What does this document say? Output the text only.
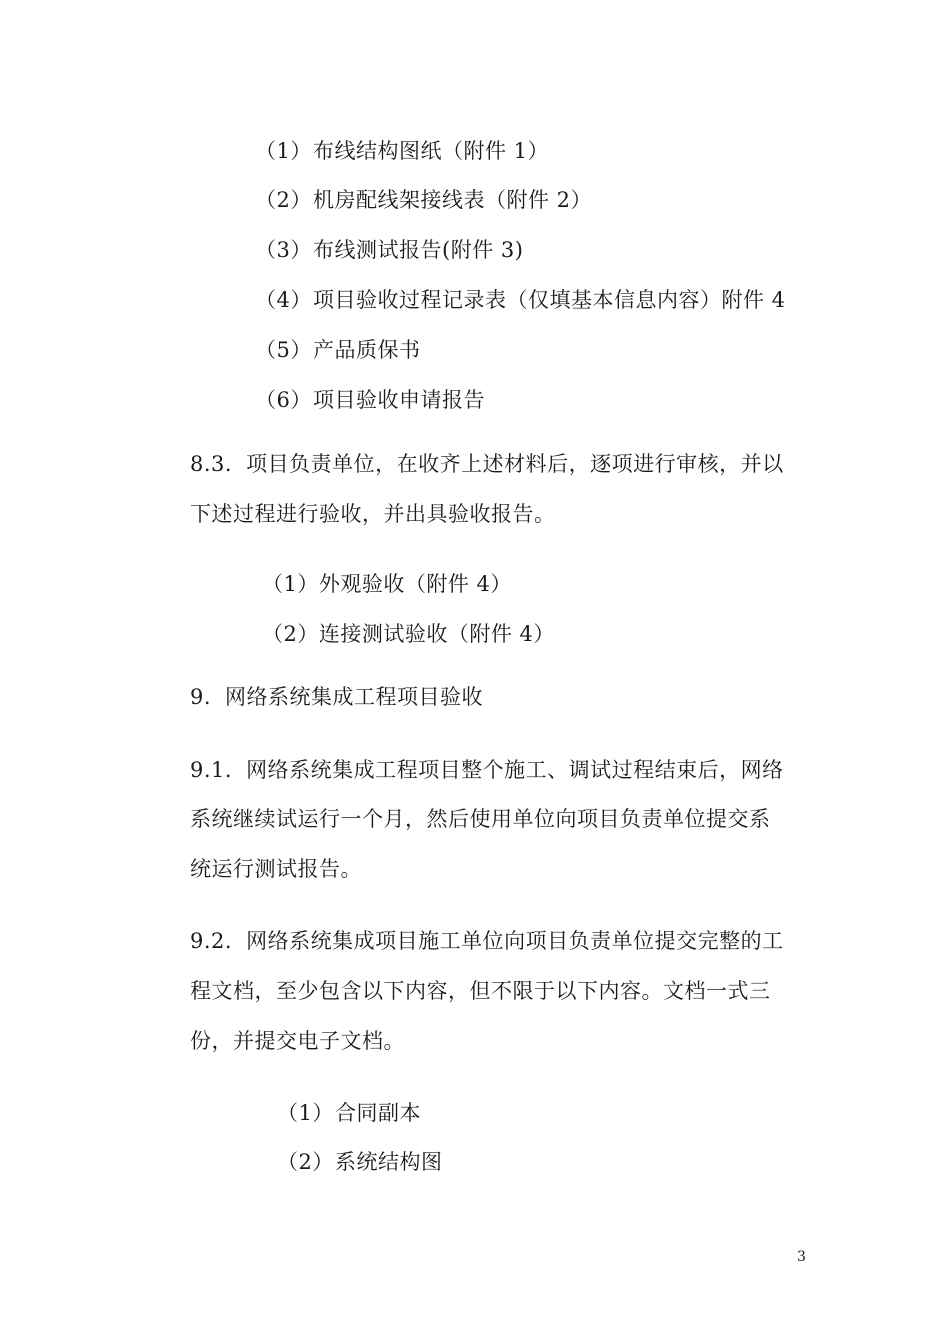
（1）布线结构图纸（附件 1）
（2）机房配线架接线表（附件 2）
（3）布线测试报告(附件 3)
（4）项目验收过程记录表（仅填基本信息内容）附件 4
（5）产品质保书
（6）项目验收申请报告
8.3. 项目负责单位，在收齐上述材料后，逐项进行审核，并以
下述过程进行验收，并出具验收报告。
（1）外观验收（附件 4）
（2）连接测试验收（附件 4）
9. 网络系统集成工程项目验收
9.1. 网络系统集成工程项目整个施工、调试过程结束后，网络
系统继续试运行一个月，然后使用单位向项目负责单位提交系
统运行测试报告。
9.2. 网络系统集成项目施工单位向项目负责单位提交完整的工
程文档，至少包含以下内容，但不限于以下内容。文档一式三
份，并提交电子文档。
（1）合同副本
（2）系统结构图
3
